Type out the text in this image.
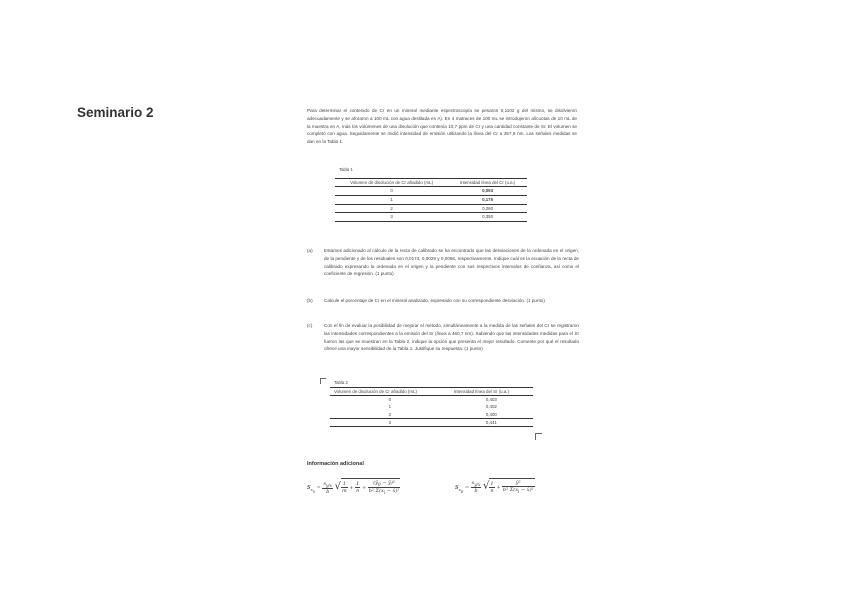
Seminario 2	Para determinar el contenido de Cr en un mineral mediante espectroscopía se pesaron 0,1102 g del mismo, se disolvieron adecuadamente y se aforaron a 100 mL con agua destilada en A). En 4 matraces de 100 mL se introdujeron alícuotas de 10 mL de la muestra en A, más los volúmenes de una disolución que contenía 10,7 ppm de Cr y una cantidad constante de Sr. El volumen se completó con agua. Seguidamente se midió intensidad de emisión utilizando la línea del Cr a 357,9 nm. Las señales medidas se dan en la Tabla 1.
Tabla 1
Volumen de disolución de Cr añadido (mL)	Intensidad línea del Cr (u.a.)
0	0,093
1	0,175
2	0,260
3	0,350
(a)	Estamos adicionado al cálculo de la recta de calibrado se ha encontrado que las desviaciones de la ordenada en el origen, de la pendiente y de los residuales son 0,0174, 0,0029 y 0,0066, respectivamente. Indique cuál es la ecuación de la recta de calibrado expresando la ordenada en el origen y la pendiente con sus respectivos intervalos de confianza, así como el coeficiente de regresión. (1 punto)
(b)	Calcule el porcentaje de Cr en el mineral analizado, expresado con su correspondiente desviación. (1 punto)
(c)	Con el fin de evaluar la posibilidad de mejorar el método, simultáneamente a la medida de las señales del Cr se registraron las intensidades correspondientes a la emisión del Sr (línea a 460,7 nm). Sabiendo que las intensidades medidas para el Sr fueron las que se muestran en la Tabla 2, indique la opción que presenta el mejor resultado. Comente por qué el resultado ofrece una mayor sensibilidad de la Tabla 1. Justifique su respuesta. (1 punto)
Tabla 2
Volumen de disolución de Cr añadido (mL)	Intensidad línea del Sr (u.a.)
0	0,403
1	0,402
2	0,400
3	0,441
Información adicional
$s_{x_0} = \frac{s_{y/x}}{b}$ √ $\frac{1}{m} + \frac{1}{n} + \frac{(ȳ_0 - ȳ)^2}{b^2 \Sigma(x_i - x̄)^2}$	$s_{x_E} = \frac{s_{y/x}}{b}$ √ $\frac{1}{n} + \frac{\text{ȳ²}}{b^2 \Sigma(x_i - x̄)^2}$
